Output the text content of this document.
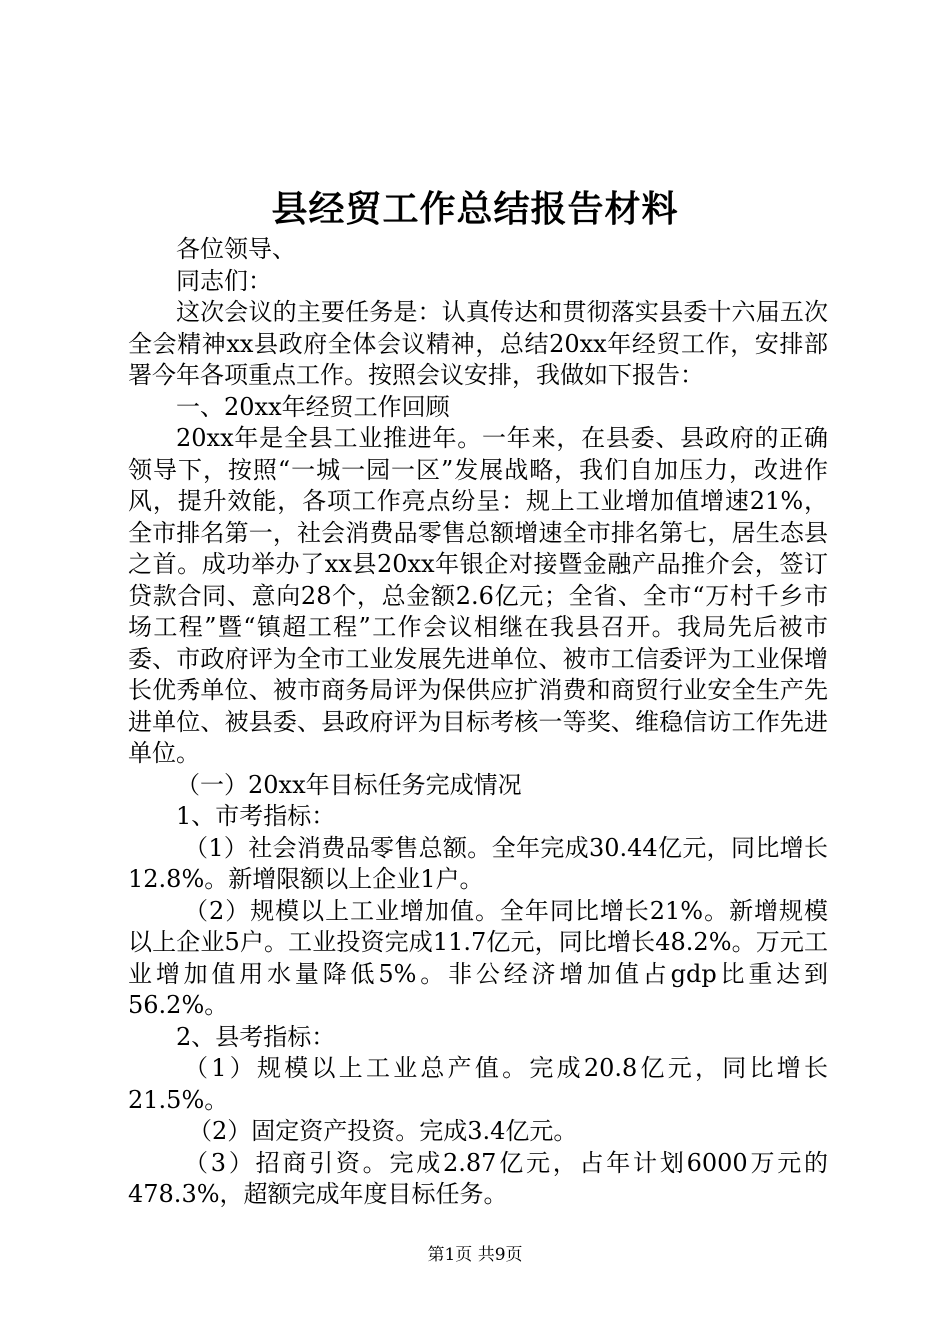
县经贸工作总结报告材料

各位领导、

同志们：

这次会议的主要任务是：认真传达和贯彻落实县委十六届五次全会精神xx县政府全体会议精神，总结20xx年经贸工作，安排部署今年各项重点工作。按照会议安排，我做如下报告：

一、20xx年经贸工作回顾

20xx年是全县工业推进年。一年来，在县委、县政府的正确领导下，按照“一城一园一区”发展战略，我们自加压力，改进作风，提升效能，各项工作亮点纷呈：规上工业增加值增速21%，全市排名第一，社会消费品零售总额增速全市排名第七，居生态县之首。成功举办了xx县20xx年银企对接暨金融产品推介会，签订贷款合同、意向28个，总金额2.6亿元；全省、全市“万村千乡市场工程”暨“镇超工程”工作会议相继在我县召开。我局先后被市委、市政府评为全市工业发展先进单位、被市工信委评为工业保增长优秀单位、被市商务局评为保供应扩消费和商贸行业安全生产先进单位、被县委、县政府评为目标考核一等奖、维稳信访工作先进单位。

（一）20xx年目标任务完成情况

1、市考指标：

（1）社会消费品零售总额。全年完成30.44亿元，同比增长12.8%。新增限额以上企业1户。

（2）规模以上工业增加值。全年同比增长21%。新增规模以上企业5户。工业投资完成11.7亿元，同比增长48.2%。万元工业增加值用水量降低5%。非公经济增加值占gdp比重达到56.2%。

2、县考指标：

（1）规模以上工业总产值。完成20.8亿元，同比增长21.5%。

（2）固定资产投资。完成3.4亿元。

（3）招商引资。完成2.87亿元，占年计划6000万元的478.3%，超额完成年度目标任务。

第1页 共9页
